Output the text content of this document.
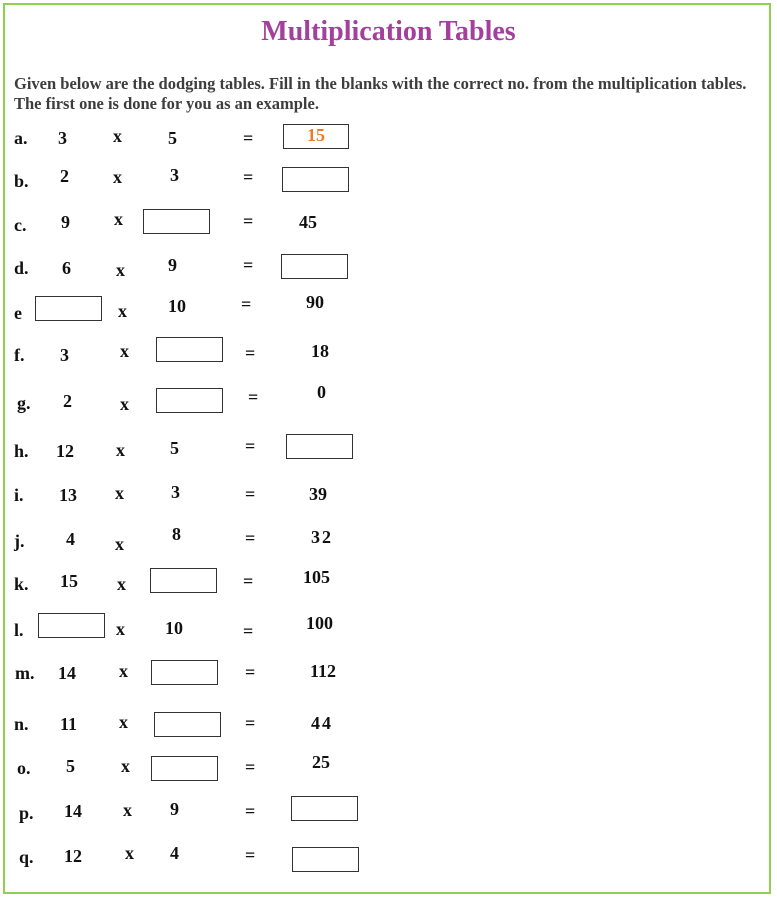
Multiplication Tables
Given below are the dodging tables. Fill in the blanks with the correct no. from the multiplication tables. The first one is done for you as an example.
a. 3	x	5	=	15
b. 2 x	3	=
c. 9 x	=	45
d. 6	x 9	=
e	x 10	=	90
f. 3	x	=	18
g. 2	x	=	0
h. 12 x	5	=
i. 13 x	3	=	39
j. 4 x	8	=	32
k. 15 x	=	105
l.	x 10	=	100
m. 14 x	=	112
n. 11 x	=	44
o. 5	x	=	25
p. 14 x 9	=
q. 12 x 4	=
